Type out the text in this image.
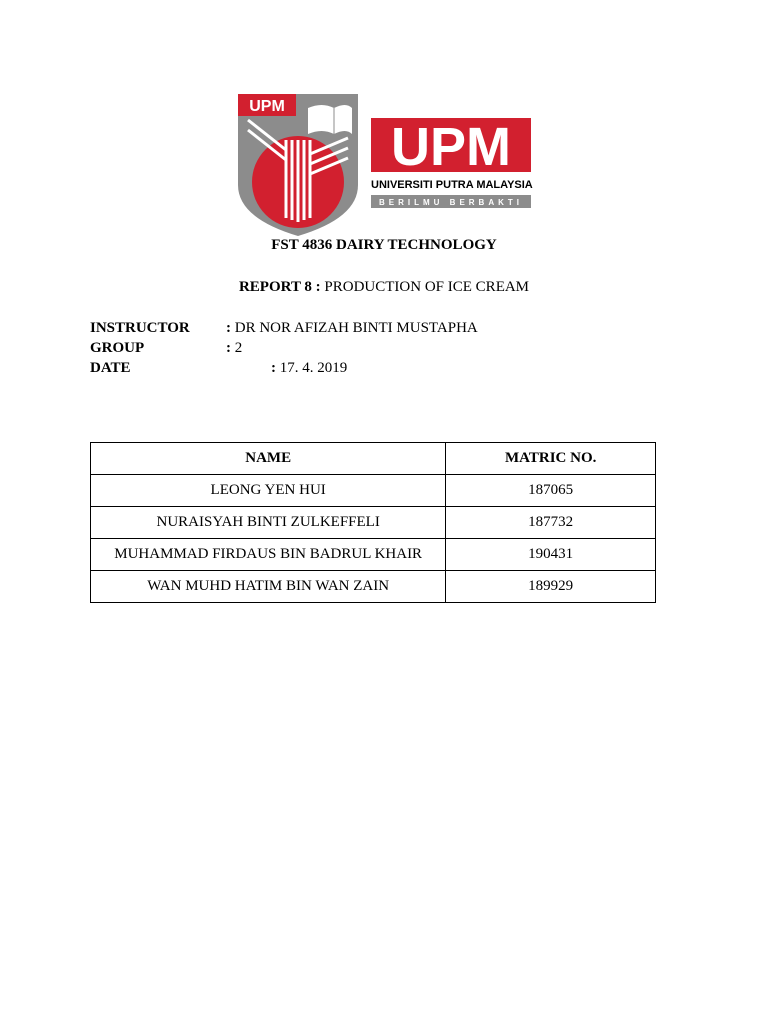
UPM
UPM
UNIVERSITI PUTRA MALAYSIA
BERILMU BERBAKTI
FST 4836 DAIRY TECHNOLOGY
REPORT 8 : PRODUCTION OF ICE CREAM
INSTRUCTOR : DR NOR AFIZAH BINTI MUSTAPHA
GROUP	: 2
DATE	: 17. 4. 2019
NAME	MATRIC NO.
LEONG YEN HUI	187065
NURAISYAH BINTI ZULKEFFELI	187732
MUHAMMAD FIRDAUS BIN BADRUL KHAIR	190431
WAN MUHD HATIM BIN WAN ZAIN	189929
